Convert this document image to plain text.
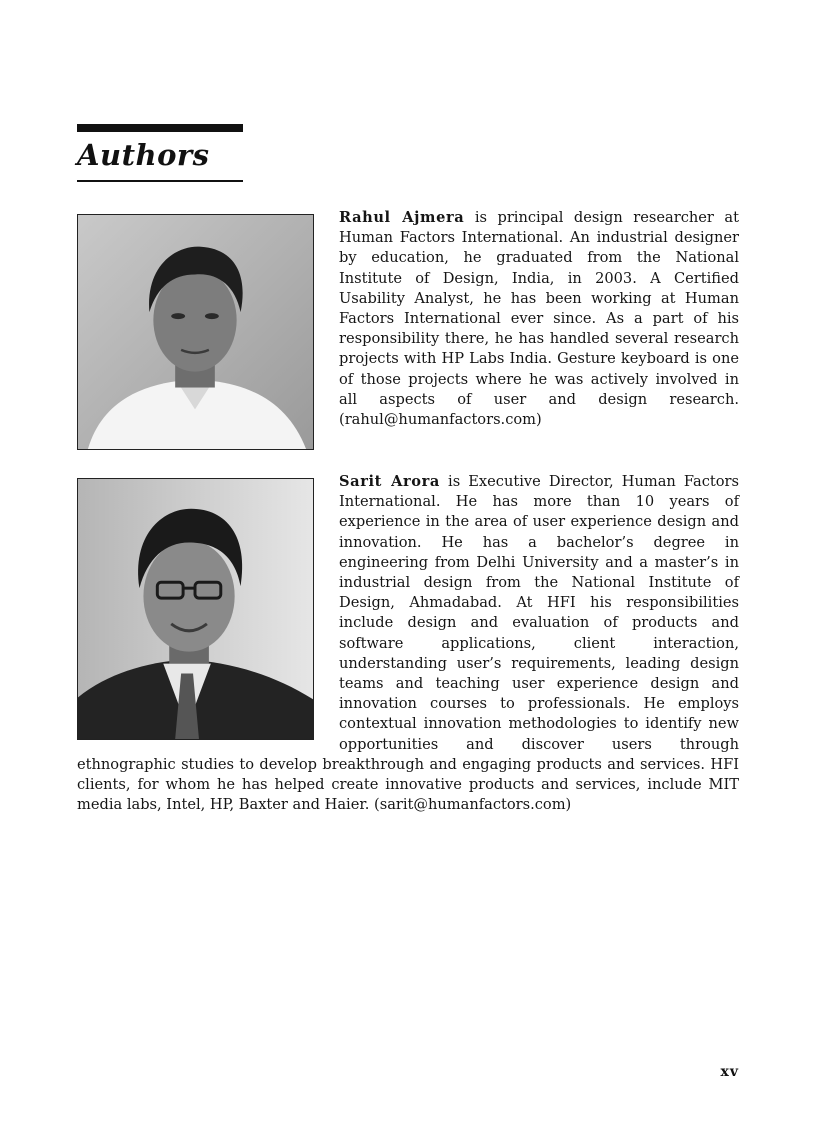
Authors

Rahul Ajmera is principal design researcher at Human Factors International. An industrial designer by education, he graduated from the National Institute of Design, India, in 2003. A Certified Usability Analyst, he has been working at Human Factors International ever since. As a part of his responsibility there, he has handled several research projects with HP Labs India. Gesture keyboard is one of those projects where he was actively involved in all aspects of user and design research. (rahul@humanfactors.com)

Sarit Arora is Executive Director, Human Factors International. He has more than 10 years of experience in the area of user experience design and innovation. He has a bachelor’s degree in engineering from Delhi University and a master’s in industrial design from the National Institute of Design, Ahmadabad. At HFI his responsibilities include design and evaluation of products and software applications, client interaction, understanding user’s requirements, leading design teams and teaching user experience design and innovation courses to professionals. He employs contextual innovation methodologies to identify new opportunities and discover users through ethnographic studies to develop breakthrough and engaging products and services. HFI clients, for whom he has helped create innovative products and services, include MIT media labs, Intel, HP, Baxter and Haier. (sarit@humanfactors.com)

xv
